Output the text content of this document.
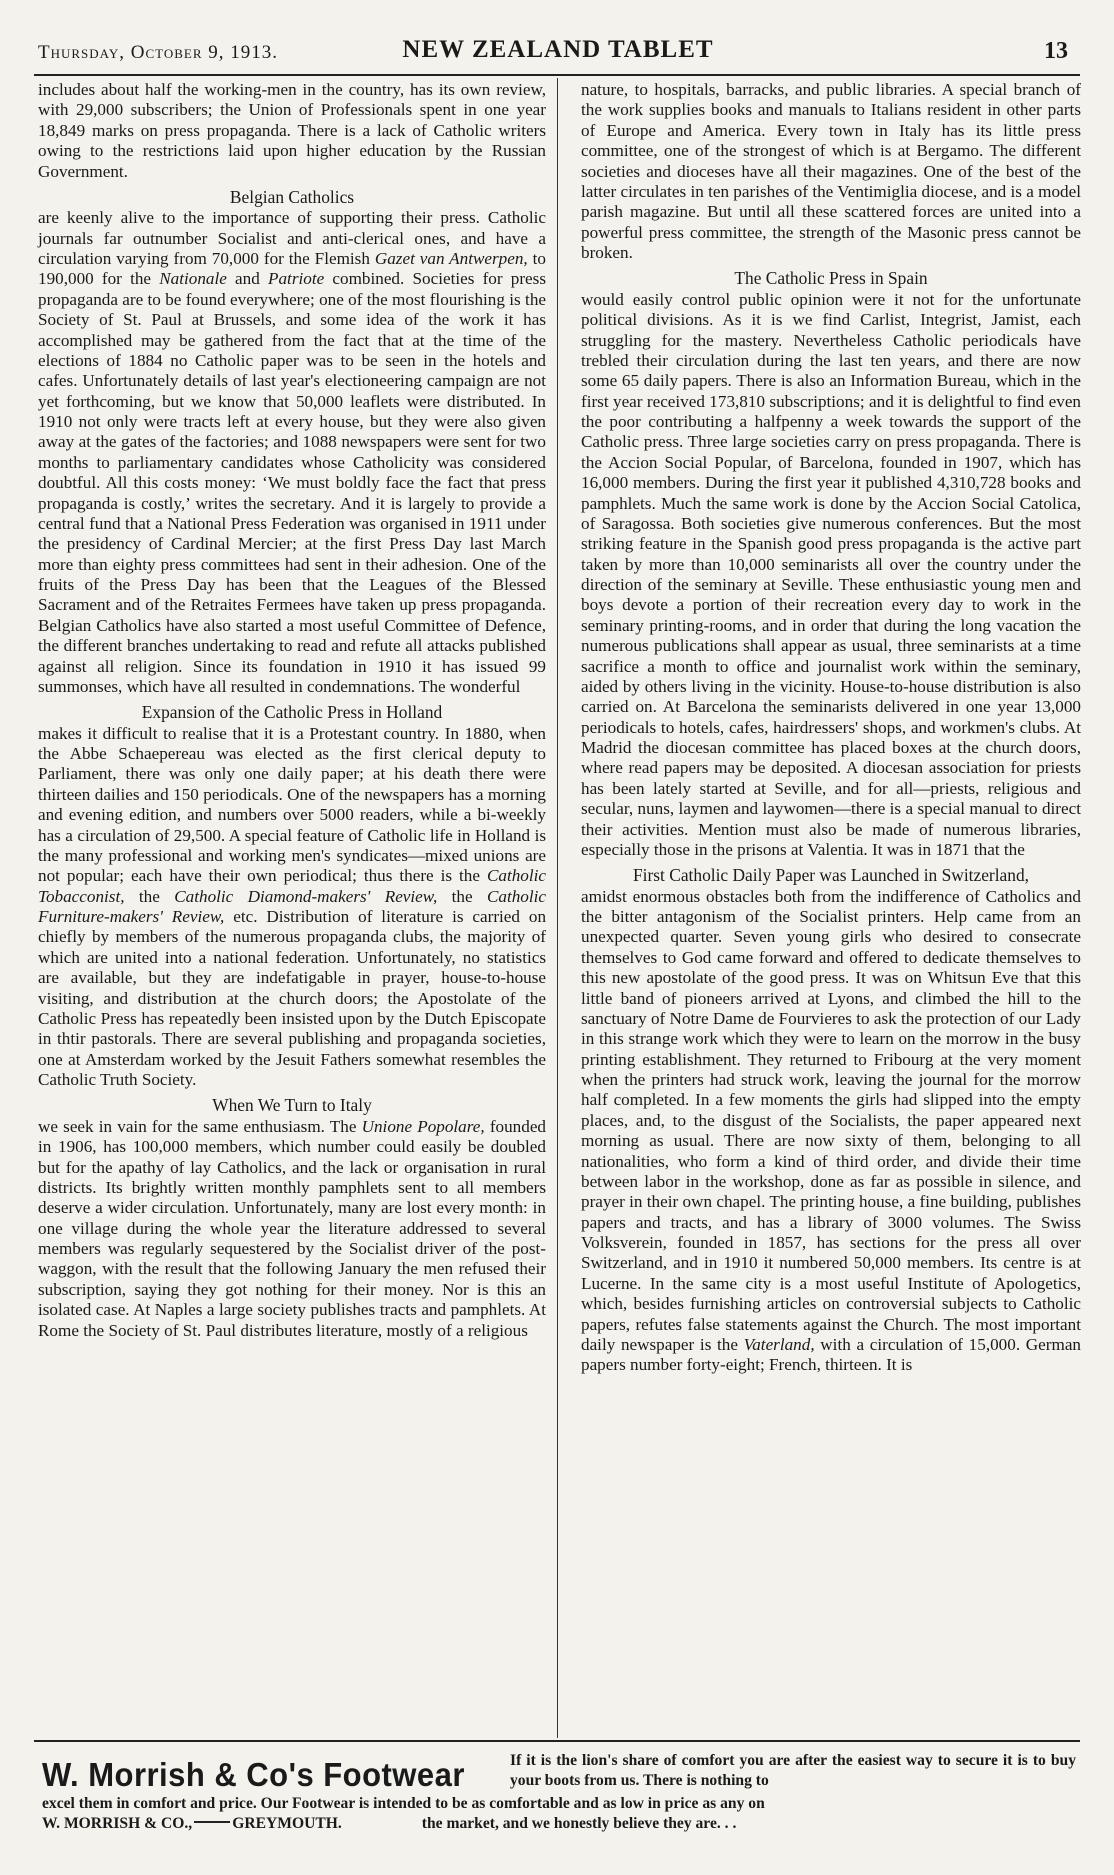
Thursday, October 9, 1913.	NEW ZEALAND TABLET	13

includes about half the working-men in the country, has its own review, with 29,000 subscribers; the Union of Professionals spent in one year 18,849 marks on press propaganda. There is a lack of Catholic writers owing to the restrictions laid upon higher education by the Russian Government.

Belgian Catholics

are keenly alive to the importance of supporting their press. Catholic journals far outnumber Socialist and anti-clerical ones, and have a circulation varying from 70,000 for the Flemish Gazet van Antwerpen, to 190,000 for the Nationale and Patriote combined. Societies for press propaganda are to be found everywhere; one of the most flourishing is the Society of St. Paul at Brussels, and some idea of the work it has accomplished may be gathered from the fact that at the time of the elections of 1884 no Catholic paper was to be seen in the hotels and cafes. Unfortunately details of last year's electioneering campaign are not yet forthcoming, but we know that 50,000 leaflets were distributed. In 1910 not only were tracts left at every house, but they were also given away at the gates of the factories; and 1088 newspapers were sent for two months to parliamentary candidates whose Catholicity was considered doubtful. All this costs money: ‘We must boldly face the fact that press propaganda is costly,’ writes the secretary. And it is largely to provide a central fund that a National Press Federation was organised in 1911 under the presidency of Cardinal Mercier; at the first Press Day last March more than eighty press committees had sent in their adhesion. One of the fruits of the Press Day has been that the Leagues of the Blessed Sacrament and of the Retraites Fermees have taken up press propaganda. Belgian Catholics have also started a most useful Committee of Defence, the different branches undertaking to read and refute all attacks published against all religion. Since its foundation in 1910 it has issued 99 summonses, which have all resulted in condemnations. The wonderful

Expansion of the Catholic Press in Holland

makes it difficult to realise that it is a Protestant country. In 1880, when the Abbe Schaepereau was elected as the first clerical deputy to Parliament, there was only one daily paper; at his death there were thirteen dailies and 150 periodicals. One of the newspapers has a morning and evening edition, and numbers over 5000 readers, while a bi-weekly has a circulation of 29,500. A special feature of Catholic life in Holland is the many professional and working men's syndicates—mixed unions are not popular; each have their own periodical; thus there is the Catholic Tobacconist, the Catholic Diamond-makers' Review, the Catholic Furniture-makers' Review, etc. Distribution of literature is carried on chiefly by members of the numerous propaganda clubs, the majority of which are united into a national federation. Unfortunately, no statistics are available, but they are indefatigable in prayer, house-to-house visiting, and distribution at the church doors; the Apostolate of the Catholic Press has repeatedly been insisted upon by the Dutch Episcopate in thtir pastorals. There are several publishing and propaganda societies, one at Amsterdam worked by the Jesuit Fathers somewhat resembles the Catholic Truth Society.

When We Turn to Italy

we seek in vain for the same enthusiasm. The Unione Popolare, founded in 1906, has 100,000 members, which number could easily be doubled but for the apathy of lay Catholics, and the lack or organisation in rural districts. Its brightly written monthly pamphlets sent to all members deserve a wider circulation. Unfortunately, many are lost every month: in one village during the whole year the literature addressed to several members was regularly sequestered by the Socialist driver of the post-waggon, with the result that the following January the men refused their subscription, saying they got nothing for their money. Nor is this an isolated case. At Naples a large society publishes tracts and pamphlets. At Rome the Society of St. Paul distributes literature, mostly of a religious

nature, to hospitals, barracks, and public libraries. A special branch of the work supplies books and manuals to Italians resident in other parts of Europe and America. Every town in Italy has its little press committee, one of the strongest of which is at Bergamo. The different societies and dioceses have all their magazines. One of the best of the latter circulates in ten parishes of the Ventimiglia diocese, and is a model parish magazine. But until all these scattered forces are united into a powerful press committee, the strength of the Masonic press cannot be broken.

The Catholic Press in Spain

would easily control public opinion were it not for the unfortunate political divisions. As it is we find Carlist, Integrist, Jamist, each struggling for the mastery. Nevertheless Catholic periodicals have trebled their circulation during the last ten years, and there are now some 65 daily papers. There is also an Information Bureau, which in the first year received 173,810 subscriptions; and it is delightful to find even the poor contributing a halfpenny a week towards the support of the Catholic press. Three large societies carry on press propaganda. There is the Accion Social Popular, of Barcelona, founded in 1907, which has 16,000 members. During the first year it published 4,310,728 books and pamphlets. Much the same work is done by the Accion Social Catolica, of Saragossa. Both societies give numerous conferences. But the most striking feature in the Spanish good press propaganda is the active part taken by more than 10,000 seminarists all over the country under the direction of the seminary at Seville. These enthusiastic young men and boys devote a portion of their recreation every day to work in the seminary printing-rooms, and in order that during the long vacation the numerous publications shall appear as usual, three seminarists at a time sacrifice a month to office and journalist work within the seminary, aided by others living in the vicinity. House-to-house distribution is also carried on. At Barcelona the seminarists delivered in one year 13,000 periodicals to hotels, cafes, hairdressers' shops, and workmen's clubs. At Madrid the diocesan committee has placed boxes at the church doors, where read papers may be deposited. A diocesan association for priests has been lately started at Seville, and for all—priests, religious and secular, nuns, laymen and laywomen—there is a special manual to direct their activities. Mention must also be made of numerous libraries, especially those in the prisons at Valentia. It was in 1871 that the

First Catholic Daily Paper was Launched in Switzerland,

amidst enormous obstacles both from the indifference of Catholics and the bitter antagonism of the Socialist printers. Help came from an unexpected quarter. Seven young girls who desired to consecrate themselves to God came forward and offered to dedicate themselves to this new apostolate of the good press. It was on Whitsun Eve that this little band of pioneers arrived at Lyons, and climbed the hill to the sanctuary of Notre Dame de Fourvieres to ask the protection of our Lady in this strange work which they were to learn on the morrow in the busy printing establishment. They returned to Fribourg at the very moment when the printers had struck work, leaving the journal for the morrow half completed. In a few moments the girls had slipped into the empty places, and, to the disgust of the Socialists, the paper appeared next morning as usual. There are now sixty of them, belonging to all nationalities, who form a kind of third order, and divide their time between labor in the workshop, done as far as possible in silence, and prayer in their own chapel. The printing house, a fine building, publishes papers and tracts, and has a library of 3000 volumes. The Swiss Volksverein, founded in 1857, has sections for the press all over Switzerland, and in 1910 it numbered 50,000 members. Its centre is at Lucerne. In the same city is a most useful Institute of Apologetics, which, besides furnishing articles on controversial subjects to Catholic papers, refutes false statements against the Church. The most important daily newspaper is the Vaterland, with a circulation of 15,000. German papers number forty-eight; French, thirteen. It is

W. Morrish & Co's Footwear	If it is the lion's share of comfort you are after the easiest way to secure it is to buy your boots from us. There is nothing to
excel them in comfort and price. Our Footwear is intended to be as comfortable and as low in price as any on
W. MORRISH & CO.,	GREYMOUTH.	the market, and we honestly believe they are. . .
